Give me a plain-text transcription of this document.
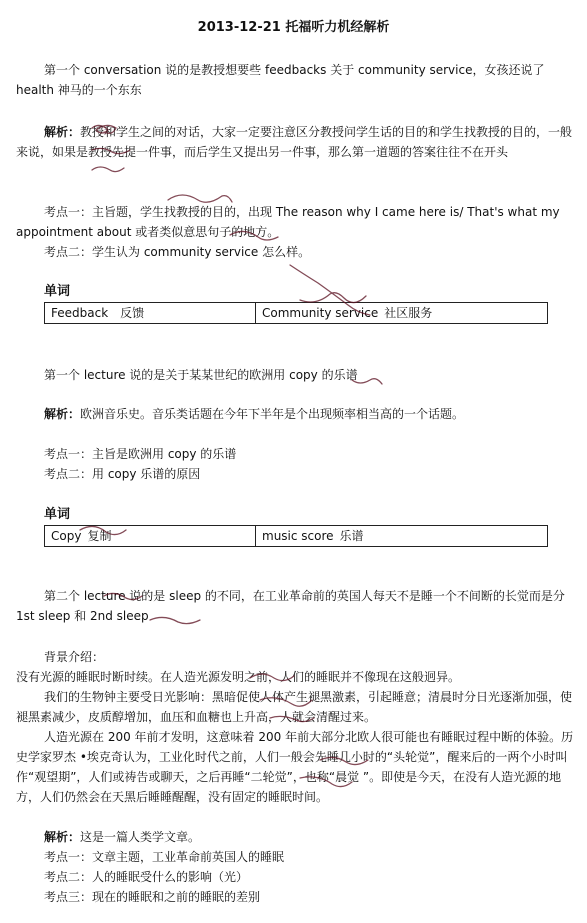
2013-12-21 托福听力机经解析
第一个 conversation 说的是教授想要些 feedbacks 关于 community service，女孩还说了 health 神马的一个东东
解析：教授和学生之间的对话，大家一定要注意区分教授问学生话的目的和学生找教授的目的，一般来说，如果是教授先提一件事，而后学生又提出另一件事，那么第一道题的答案往往不在开头
考点一：主旨题，学生找教授的目的，出现 The reason why I came here is/ That's what my appointment about 或者类似意思句子的地方。
考点二：学生认为 community service 怎么样。
单词
Feedback 反馈	Community service 社区服务
第一个 lecture 说的是关于某某世纪的欧洲用 copy 的乐谱
解析：欧洲音乐史。音乐类话题在今年下半年是个出现频率相当高的一个话题。
考点一：主旨是欧洲用 copy 的乐谱
考点二：用 copy 乐谱的原因
单词
Copy 复制	music score 乐谱
第二个 lecture 说的是 sleep 的不同，在工业革命前的英国人每天不是睡一个不间断的长觉而是分 1st sleep 和 2nd sleep
背景介绍：
没有光源的睡眠时断时续。在人造光源发明之前，人们的睡眠并不像现在这般迥异。
我们的生物钟主要受日光影响：黑暗促使人体产生褪黑激素，引起睡意；清晨时分日光逐渐加强，使褪黑素减少，皮质醇增加，血压和血糖也上升高，人就会清醒过来。
人造光源在 200 年前才发明，这意味着 200 年前大部分北欧人很可能也有睡眠过程中断的体验。历史学家罗杰 •埃克奇认为，工业化时代之前，人们一般会先睡几小时的“头轮觉”，醒来后的一两个小时叫作“观望期”，人们或祷告或聊天，之后再睡“二轮觉”，也称“晨觉 ”。即使是今天，在没有人造光源的地方，人们仍然会在天黑后睡睡醒醒，没有固定的睡眠时间。
解析：这是一篇人类学文章。
考点一：文章主题，工业革命前英国人的睡眠
考点二：人的睡眠受什么的影响（光）
考点三：现在的睡眠和之前的睡眠的差别
